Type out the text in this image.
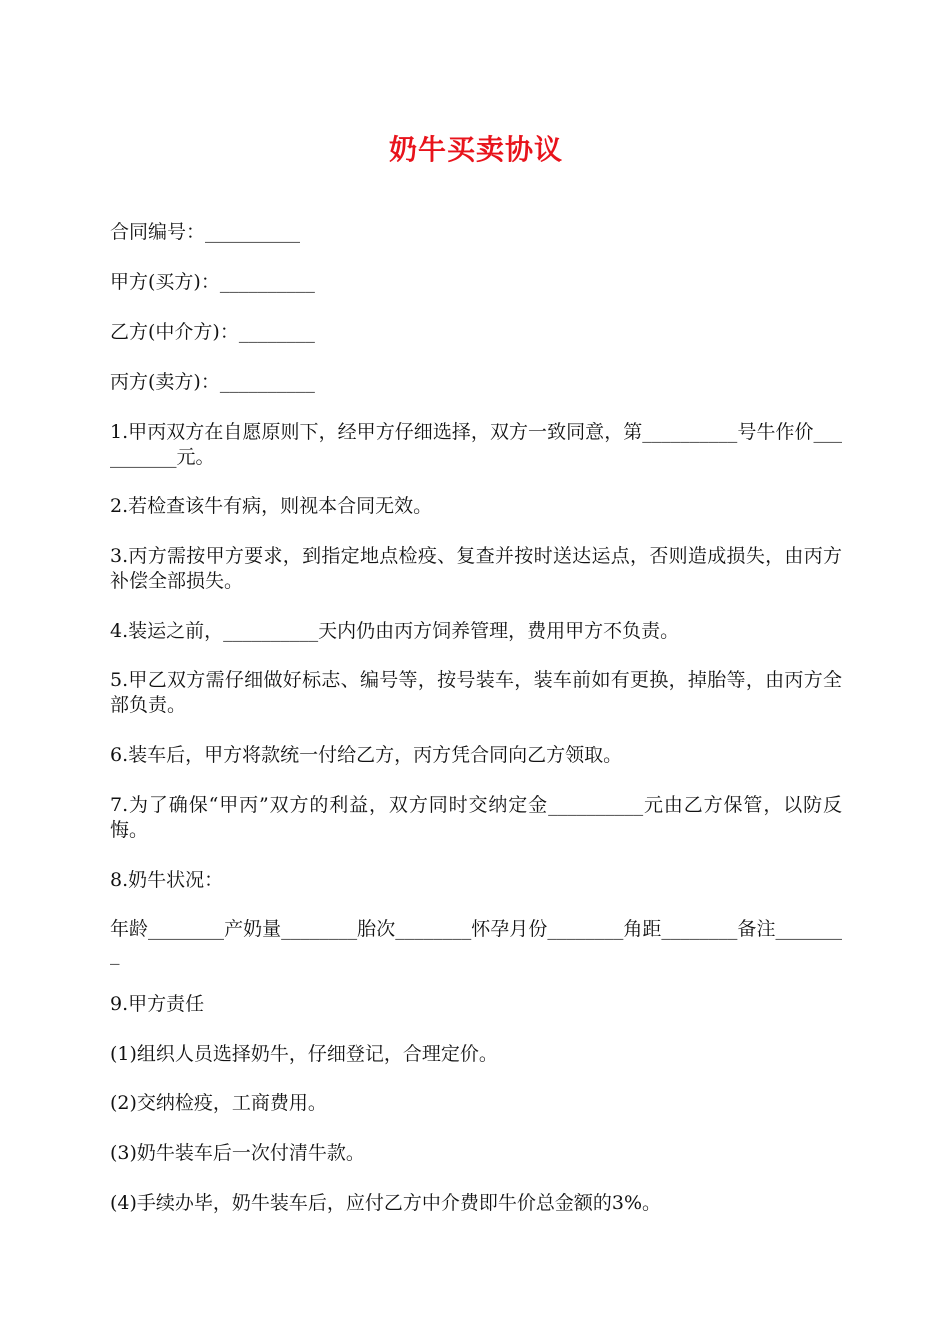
奶牛买卖协议
合同编号：__________
甲方(买方)：__________
乙方(中介方)：________
丙方(卖方)：__________
1.甲丙双方在自愿原则下，经甲方仔细选择，双方一致同意，第__________号牛作价__________元。
2.若检查该牛有病，则视本合同无效。
3.丙方需按甲方要求，到指定地点检疫、复查并按时送达运点，否则造成损失，由丙方补偿全部损失。
4.装运之前，__________天内仍由丙方饲养管理，费用甲方不负责。
5.甲乙双方需仔细做好标志、编号等，按号装车，装车前如有更换，掉胎等，由丙方全部负责。
6.装车后，甲方将款统一付给乙方，丙方凭合同向乙方领取。
7.为了确保“甲丙”双方的利益，双方同时交纳定金__________元由乙方保管，以防反悔。
8.奶牛状况：
年龄________产奶量________胎次________怀孕月份________角距________备注________
9.甲方责任
(1)组织人员选择奶牛，仔细登记，合理定价。
(2)交纳检疫，工商费用。
(3)奶牛装车后一次付清牛款。
(4)手续办毕，奶牛装车后，应付乙方中介费即牛价总金额的3%。
